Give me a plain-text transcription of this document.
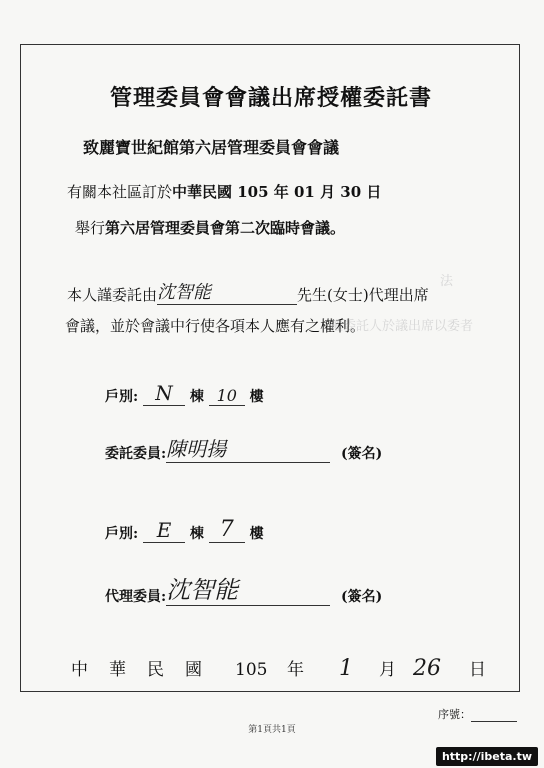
法
權委託人於議出席以委者
管理委員會會議出席授權委託書
致麗寶世紀館第六居管理委員會會議
有關本社區訂於中華民國 105 年 01 月 30 日
舉行第六居管理委員會第二次臨時會議。
本人謹委託由沈智能	先生(女士)代理出席
會議，並於會議中行使各項本人應有之權利。
戶別: N 棟 10 樓
委託委員:陳明揚	(簽名)
戶別: E 棟 7 樓
代理委員:沈智能	(簽名)
中 華 民 國 105 年 1 月 26 日
序號：
第1頁共1頁
http://ibeta.tw
